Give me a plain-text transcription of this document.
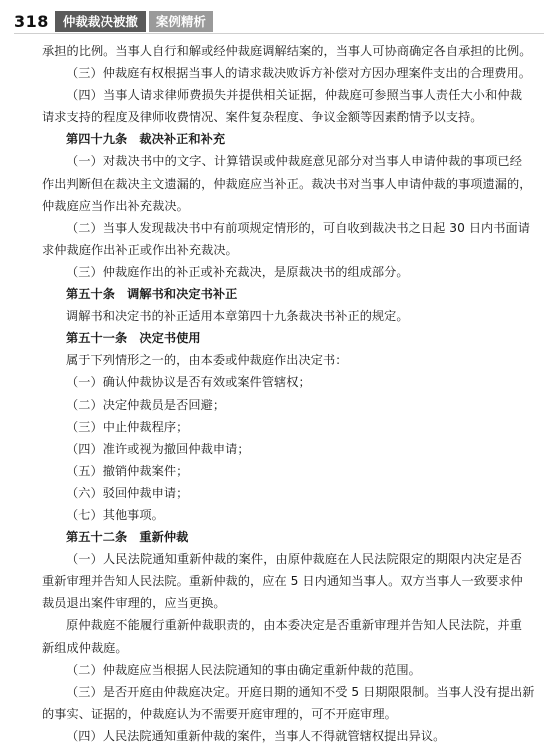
318	仲裁裁决被撤	案例精析
承担的比例。当事人自行和解或经仲裁庭调解结案的，当事人可协商确定各自承担的比例。
（三）仲裁庭有权根据当事人的请求裁决败诉方补偿对方因办理案件支出的合理费用。
（四）当事人请求律师费损失并提供相关证据，仲裁庭可参照当事人责任大小和仲裁
请求支持的程度及律师收费情况、案件复杂程度、争议金额等因素酌情予以支持。
第四十九条　裁决补正和补充
（一）对裁决书中的文字、计算错误或仲裁庭意见部分对当事人申请仲裁的事项已经
作出判断但在裁决主文遗漏的，仲裁庭应当补正。裁决书对当事人申请仲裁的事项遗漏的，
仲裁庭应当作出补充裁决。
（二）当事人发现裁决书中有前项规定情形的，可自收到裁决书之日起 30 日内书面请
求仲裁庭作出补正或作出补充裁决。
（三）仲裁庭作出的补正或补充裁决，是原裁决书的组成部分。
第五十条　调解书和决定书补正
调解书和决定书的补正适用本章第四十九条裁决书补正的规定。
第五十一条　决定书使用
属于下列情形之一的，由本委或仲裁庭作出决定书：
（一）确认仲裁协议是否有效或案件管辖权；
（二）决定仲裁员是否回避；
（三）中止仲裁程序；
（四）准许或视为撤回仲裁申请；
（五）撤销仲裁案件；
（六）驳回仲裁申请；
（七）其他事项。
第五十二条　重新仲裁
（一）人民法院通知重新仲裁的案件，由原仲裁庭在人民法院限定的期限内决定是否
重新审理并告知人民法院。重新仲裁的，应在 5 日内通知当事人。双方当事人一致要求仲
裁员退出案件审理的，应当更换。
原仲裁庭不能履行重新仲裁职责的，由本委决定是否重新审理并告知人民法院，并重
新组成仲裁庭。
（二）仲裁庭应当根据人民法院通知的事由确定重新仲裁的范围。
（三）是否开庭由仲裁庭决定。开庭日期的通知不受 5 日期限限制。当事人没有提出新
的事实、证据的，仲裁庭认为不需要开庭审理的，可不开庭审理。
（四）人民法院通知重新仲裁的案件，当事人不得就管辖权提出异议。
